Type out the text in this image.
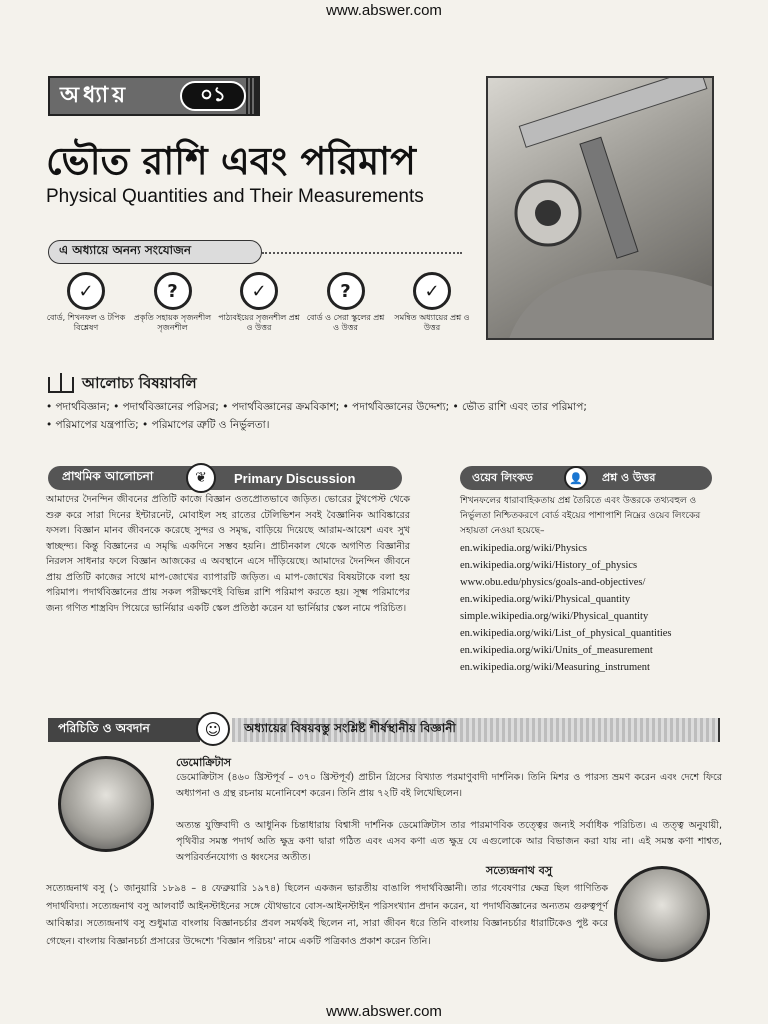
www.abswer.com
অধ্যায়	০১
ভৌত রাশি এবং পরিমাপ
Physical Quantities and Their Measurements
এ অধ্যায়ে অনন্য সংযোজন
✓
বোর্ড, শিখনফল ও টপিক বিশ্লেষণ
?
প্রকৃতি সহায়ক সৃজনশীল সৃজনশীল
✓
পাঠ্যবইয়ের সৃজনশীল প্রশ্ন ও উত্তর
?
বোর্ড ও সেরা স্কুলের প্রশ্ন ও উত্তর
✓
সমন্বিত অধ্যায়ের প্রশ্ন ও উত্তর
আলোচ্য বিষয়াবলি
• পদার্থবিজ্ঞান; • পদার্থবিজ্ঞানের পরিসর; • পদার্থবিজ্ঞানের ক্রমবিকাশ; • পদার্থবিজ্ঞানের উদ্দেশ্য; • ভৌত রাশি এবং তার পরিমাপ;
• পরিমাপের যন্ত্রপাতি; • পরিমাপের ত্রুটি ও নির্ভুলতা।
প্রাথমিক আলোচনা	❦	Primary Discussion
আমাদের দৈনন্দিন জীবনের প্রতিটি কাজে বিজ্ঞান ওতপ্রোতভাবে জড়িত। ভোরের টুথপেস্ট থেকে শুরু করে সারা দিনের ইন্টারনেট, মোবাইল সহ রাতের টেলিভিশন সবই বৈজ্ঞানিক আবিষ্কারের ফসল। বিজ্ঞান মানব জীবনকে করেছে সুন্দর ও সমৃদ্ধ, বাড়িয়ে দিয়েছে আরাম-আয়েশ এবং সুখ স্বাচ্ছন্দ্য। কিন্তু বিজ্ঞানের এ সমৃদ্ধি একদিনে সম্ভব হয়নি। প্রাচীনকাল থেকে অগণিত বিজ্ঞানীর নিরলস সাধনার ফলে বিজ্ঞান আজকের এ অবস্থানে এসে দাঁড়িয়েছে। আমাদের দৈনন্দিন জীবনে প্রায় প্রতিটি কাজের সাথে মাপ-জোখের ব্যাপারটি জড়িত। এ মাপ-জোখের বিষয়টাকে বলা হয় পরিমাপ। পদার্থবিজ্ঞানের প্রায় সকল পরীক্ষণেই বিভিন্ন রাশি পরিমাপ করতে হয়। সূক্ষ্ম পরিমাপের জন্য গণিত শাস্ত্রবিদ পিয়েরে ভার্নিয়ার একটি স্কেল প্রতিষ্ঠা করেন যা ভার্নিয়ার স্কেল নামে পরিচিত।
ওয়েব লিংকড	👤	প্রশ্ন ও উত্তর
শিখনফলের ধারাবাহিকতায় প্রশ্ন তৈরিতে এবং উত্তরকে তথ্যবহুল ও নির্ভুলতা নিশ্চিতকরণে বোর্ড বইয়ের পাশাপাশি নিম্নের ওয়েব লিংকের সহায়তা নেওয়া হয়েছে–
en.wikipedia.org/wiki/Physics
en.wikipedia.org/wiki/History_of_physics
www.obu.edu/physics/goals-and-objectives/
en.wikipedia.org/wiki/Physical_quantity
simple.wikipedia.org/wiki/Physical_quantity
en.wikipedia.org/wiki/List_of_physical_quantities
en.wikipedia.org/wiki/Units_of_measurement
en.wikipedia.org/wiki/Measuring_instrument
পরিচিতি ও অবদান	☺	অধ্যায়ের বিষয়বস্তু সংশ্লিষ্ট শীর্ষস্থানীয় বিজ্ঞানী
ডেমোক্রিটাস
ডেমোক্রিটাস (৪৬০ খ্রিস্টপূর্ব – ৩৭০ খ্রিস্টপূর্ব) প্রাচীন গ্রিসের বিখ্যাত পরমাণুবাদী দার্শনিক। তিনি মিশর ও পারস্য ভ্রমণ করেন এবং দেশে ফিরে অধ্যাপনা ও গ্রন্থ রচনায় মনোনিবেশ করেন। তিনি প্রায় ৭২টি বই লিখেছিলেন।
অত্যন্ত যুক্তিবাদী ও আধুনিক চিন্তাধারায় বিশ্বাসী দার্শনিক ডেমোক্রিটাস তার পারমাণবিক তত্ত্বের জন্যই সর্বাধিক পরিচিত। এ তত্ত্ব অনুযায়ী, পৃথিবীর সমস্ত পদার্থ অতি ক্ষুদ্র কণা দ্বারা গঠিত এবং এসব কণা এত ক্ষুদ্র যে এগুলোকে আর বিভাজন করা যায় না। এই সমস্ত কণা শাশ্বত, অপরিবর্তনযোগ্য ও ধ্বংসের অতীত।
সত্যেন্দ্রনাথ বসু
সত্যেন্দ্রনাথ বসু (১ জানুয়ারি ১৮৯৪ – ৪ ফেব্রুয়ারি ১৯৭৪) ছিলেন একজন ভারতীয় বাঙালি পদার্থবিজ্ঞানী। তার গবেষণার ক্ষেত্র ছিল গাণিতিক পদার্থবিদ্যা। সত্যেন্দ্রনাথ বসু আলবার্ট আইনস্টাইনের সঙ্গে যৌথভাবে বোস-আইনস্টাইন পরিসংখ্যান প্রদান করেন, যা পদার্থবিজ্ঞানের অন্যতম গুরুত্বপূর্ণ আবিষ্কার। সত্যেন্দ্রনাথ বসু শুধুমাত্র বাংলায় বিজ্ঞানচর্চার প্রবল সমর্থকই ছিলেন না, সারা জীবন ধরে তিনি বাংলায় বিজ্ঞানচর্চার ধারাটিকেও পুষ্ট করে গেছেন। বাংলায় বিজ্ঞানচর্চা প্রসারের উদ্দেশ্যে 'বিজ্ঞান পরিচয়' নামে একটি পত্রিকাও প্রকাশ করেন তিনি।
www.abswer.com
